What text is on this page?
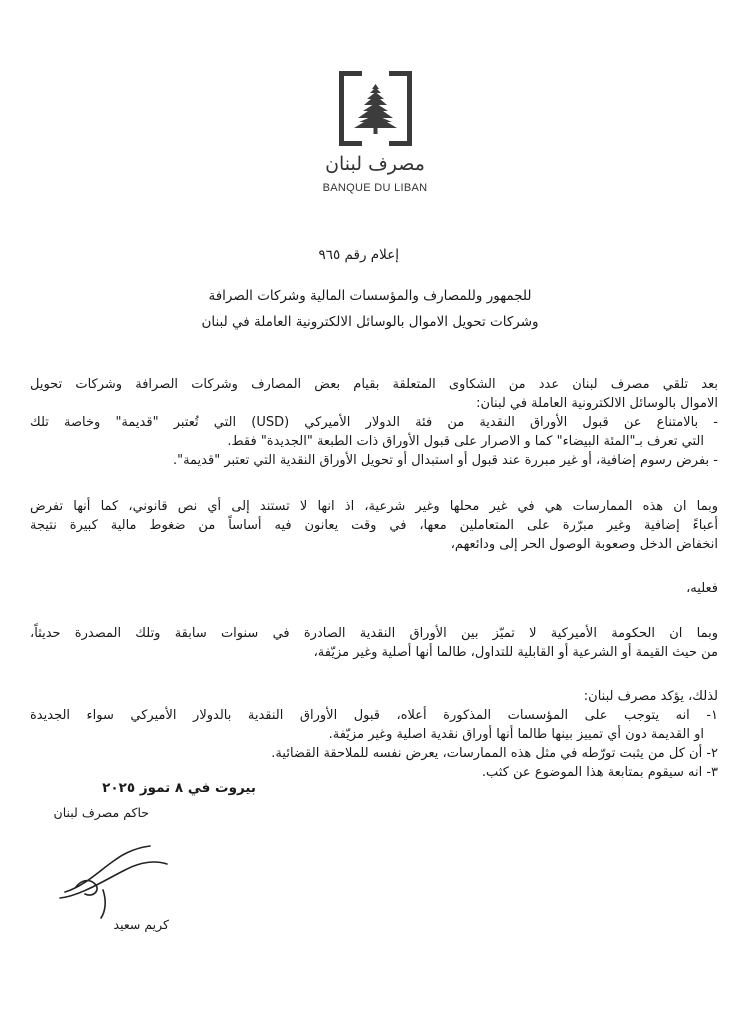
مصرف لبنان
BANQUE DU LIBAN
إعلام رقم ٩٦٥
للجمهور وللمصارف والمؤسسات المالية وشركات الصرافة
وشركات تحويل الاموال بالوسائل الالكترونية العاملة في لبنان
بعد تلقي مصرف لبنان عدد من الشكاوى المتعلقة بقيام بعض المصارف وشركات الصرافة وشركات تحويل
الاموال بالوسائل الالكترونية العاملة في لبنان:
- بالامتناع عن قبول الأوراق النقدية من فئة الدولار الأميركي (USD) التي تُعتبر "قديمة" وخاصة تلك
التي تعرف بـ"المئة البيضاء" كما و الاصرار على قبول الأوراق ذات الطبعة "الجديدة" فقط.
- بفرض رسوم إضافية، أو غير مبررة عند قبول أو استبدال أو تحويل الأوراق النقدية التي تعتبر "قديمة".
وبما ان هذه الممارسات هي في غير محلها وغير شرعية، اذ انها لا تستند إلى أي نص قانوني، كما أنها تفرض
أعباءً إضافية وغير مبرّرة على المتعاملين معها، في وقت يعانون فيه أساساً من ضغوط مالية كبيرة نتيجة
انخفاض الدخل وصعوبة الوصول الحر إلى ودائعهم،
فعليه،
وبما ان الحكومة الأميركية لا تميّز بين الأوراق النقدية الصادرة في سنوات سابقة وتلك المصدرة حديثاً،
من حيث القيمة أو الشرعية أو القابلية للتداول، طالما أنها أصلية وغير مزيّفة،
لذلك، يؤكد مصرف لبنان:
١- انه يتوجب على المؤسسات المذكورة أعلاه، قبول الأوراق النقدية بالدولار الأميركي سواء الجديدة
او القديمة دون أي تمييز بينها طالما أنها أوراق نقدية اصلية وغير مزيّفة.
٢- أن كل من يثبت تورّطه في مثل هذه الممارسات، يعرض نفسه للملاحقة القضائية.
٣- انه سيقوم بمتابعة هذا الموضوع عن كثب.
بيروت في ٨ تموز ٢٠٢٥
حاكم مصرف لبنان
كريم سعيد
